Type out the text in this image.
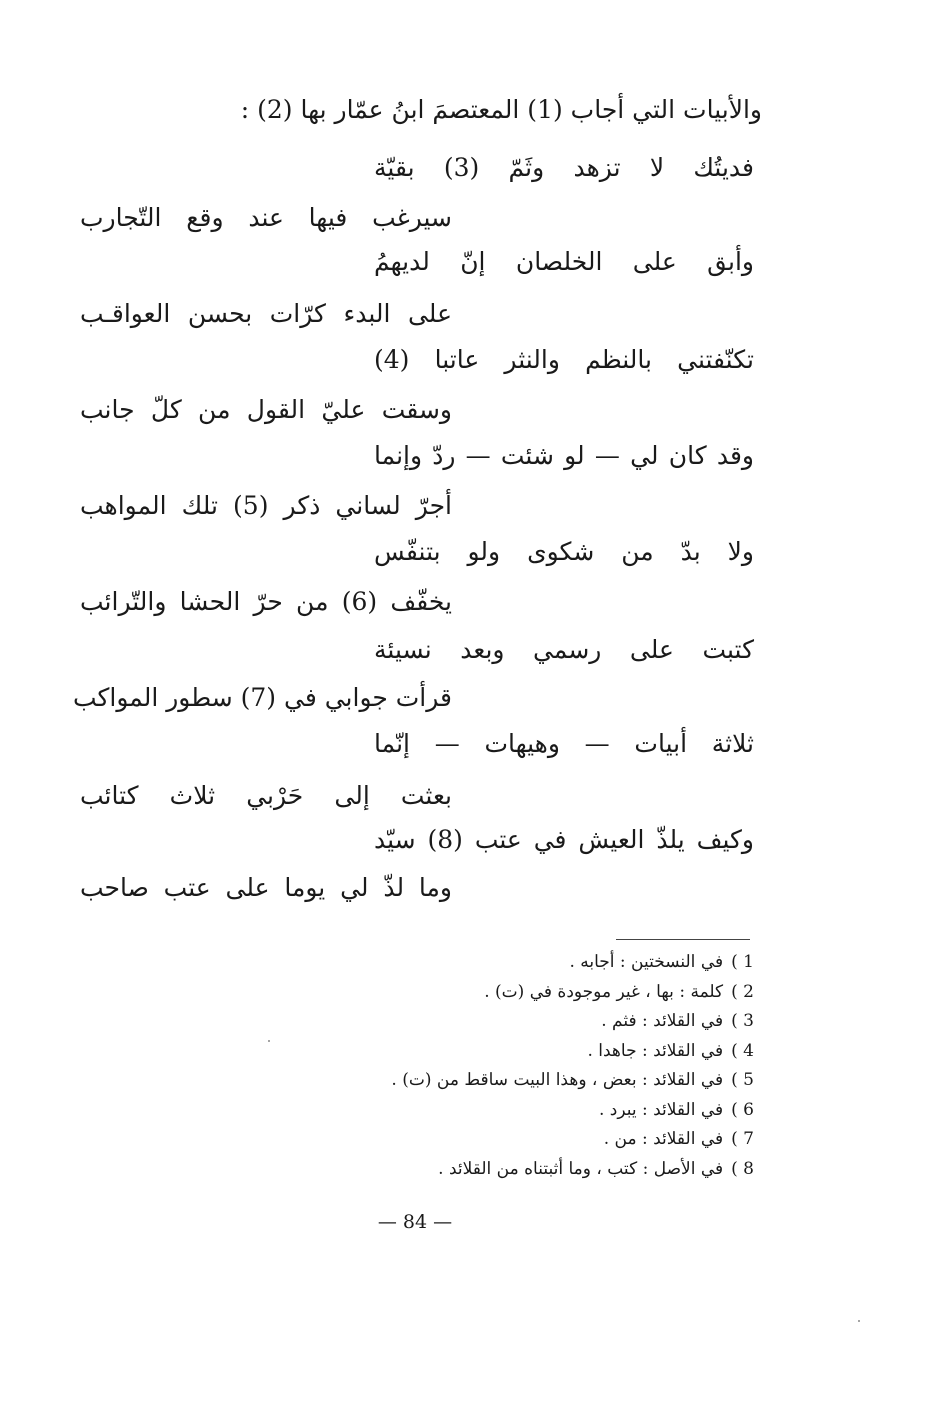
والأبيات التي أجاب (1) المعتصمَ ابنُ عمّار بها (2) :
فديتُك لا تزهد وثَمّ (3) بقيّة
سيرغب فيها عند وقع التّجارب
وأبق على الخلصان إنّ لديهمُ
على البدء كرّات بحسن العواقـب
تكنّفتني بالنظم والنثر عاتبا (4)
وسقت عليّ القول من كلّ جانب
وقد كان لي — لو شئت — ردّ وإنما
أجرّ لساني ذكر (5) تلك المواهب
ولا بدّ من شكوى ولو بتنفّس
يخفّف (6) من حرّ الحشا والتّرائب
كتبت على رسمي وبعد نسيئة
قرأت جوابي في (7) سطور المواكب
ثلاثة أبيات — وهيهات — إنّما
بعثت إلى حَرْبي ثلاث كتائب
وكيف يلذّ العيش في عتب (8) سيّد
وما لذّ لي يوما على عتب صاحب
1 )في النسختين : أجابه .
2 )كلمة : بها ، غير موجودة في (ت) .
3 )في القلائد : فثم .
4 )في القلائد : جاهدا .
5 )في القلائد : بعض ، وهذا البيت ساقط من (ت) .
6 )في القلائد : يبرد .
7 )في القلائد : من .
8 )في الأصل : كتب ، وما أثبتناه من القلائد .
— 84 —
